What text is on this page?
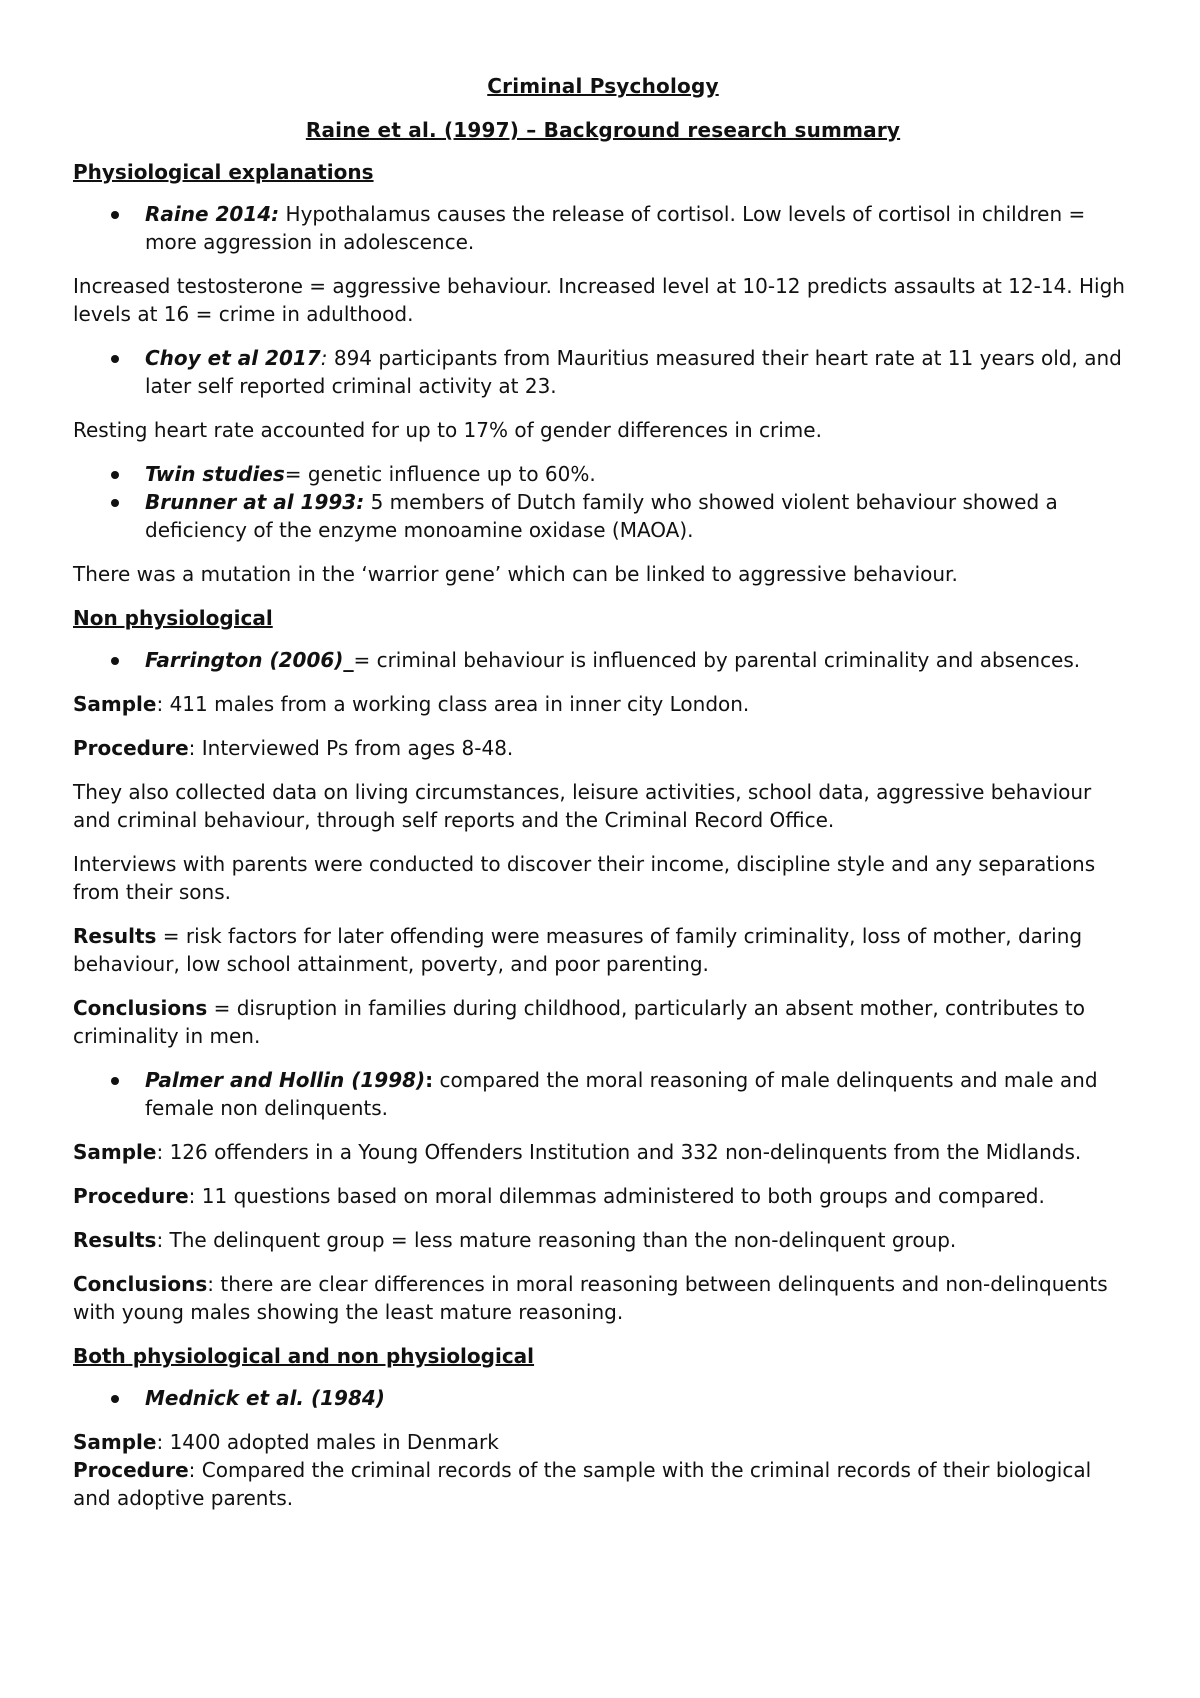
Criminal Psychology
Raine et al. (1997) – Background research summary
Physiological explanations
Raine 2014: Hypothalamus causes the release of cortisol. Low levels of cortisol in children = more aggression in adolescence.

Increased testosterone = aggressive behaviour. Increased level at 10-12 predicts assaults at 12-14. High levels at 16 = crime in adulthood.

Choy et al 2017: 894 participants from Mauritius measured their heart rate at 11 years old, and later self reported criminal activity at 23.

Resting heart rate accounted for up to 17% of gender differences in crime.

Twin studies= genetic influence up to 60%.
Brunner at al 1993: 5 members of Dutch family who showed violent behaviour showed a deficiency of the enzyme monoamine oxidase (MAOA).

There was a mutation in the ‘warrior gene’ which can be linked to aggressive behaviour.

Non physiological
Farrington (2006)_= criminal behaviour is influenced by parental criminality and absences.

Sample: 411 males from a working class area in inner city London.

Procedure: Interviewed Ps from ages 8-48.

They also collected data on living circumstances, leisure activities, school data, aggressive behaviour and criminal behaviour, through self reports and the Criminal Record Office.

Interviews with parents were conducted to discover their income, discipline style and any separations from their sons.

Results = risk factors for later offending were measures of family criminality, loss of mother, daring behaviour, low school attainment, poverty, and poor parenting.

Conclusions = disruption in families during childhood, particularly an absent mother, contributes to criminality in men.

Palmer and Hollin (1998): compared the moral reasoning of male delinquents and male and female non delinquents.

Sample: 126 offenders in a Young Offenders Institution and 332 non-delinquents from the Midlands.

Procedure: 11 questions based on moral dilemmas administered to both groups and compared.

Results: The delinquent group = less mature reasoning than the non-delinquent group.

Conclusions: there are clear differences in moral reasoning between delinquents and non-delinquents with young males showing the least mature reasoning.

Both physiological and non physiological
Mednick et al. (1984)

Sample: 1400 adopted males in Denmark

Procedure: Compared the criminal records of the sample with the criminal records of their biological and adoptive parents.
